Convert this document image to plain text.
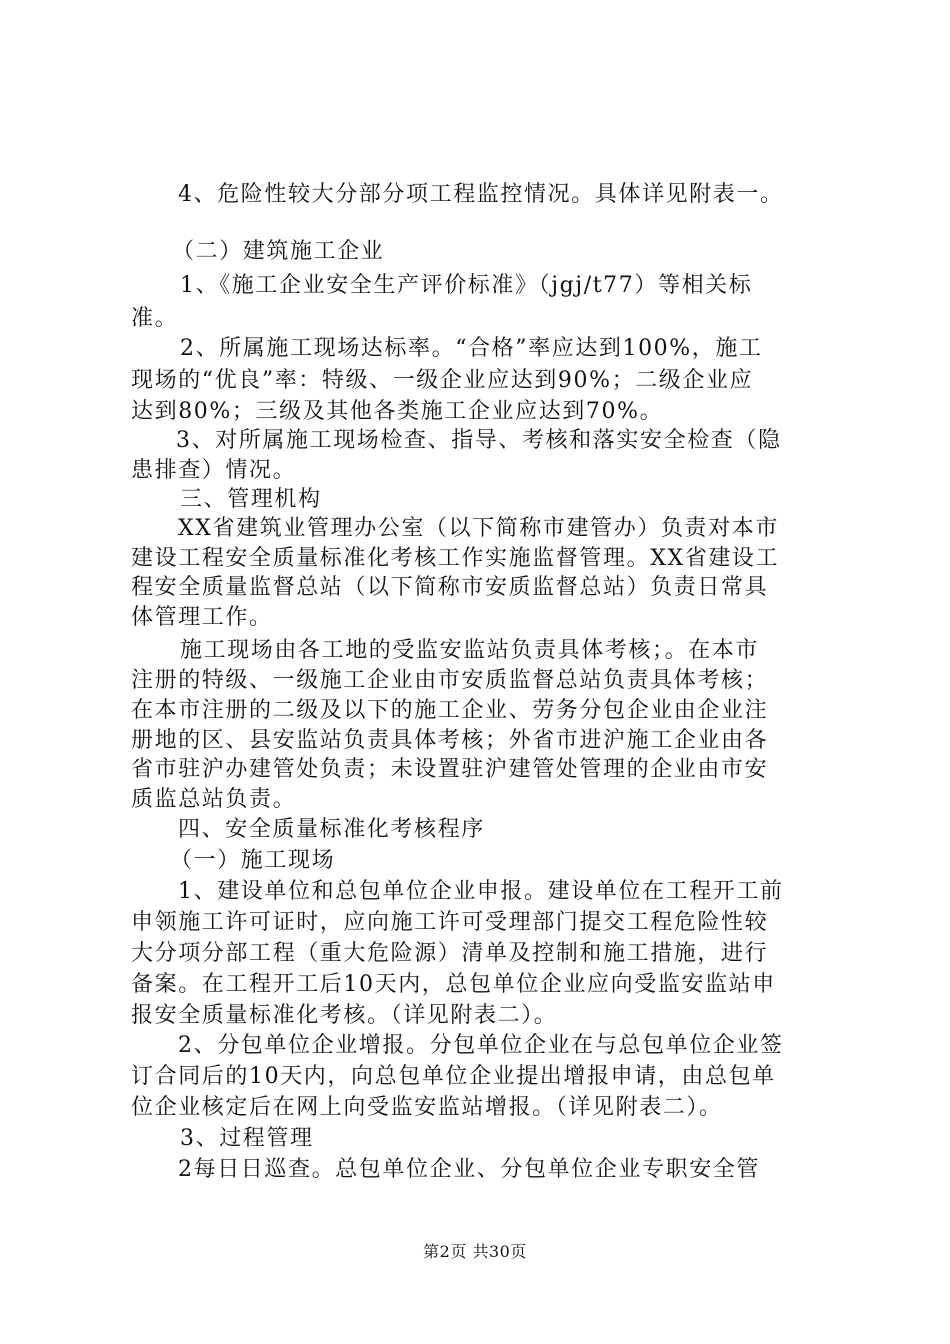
4、危险性较大分部分项工程监控情况。具体详见附表一。
（二）建筑施工企业
1、《施工企业安全生产评价标准》（jgj/t77）等相关标
准。
2、所属施工现场达标率。“合格”率应达到100%，施工
现场的“优良”率：特级、一级企业应达到90%；二级企业应
达到80%；三级及其他各类施工企业应达到70%。
3、对所属施工现场检查、指导、考核和落实安全检查（隐
患排查）情况。
三、管理机构
XX省建筑业管理办公室（以下简称市建管办）负责对本市
建设工程安全质量标准化考核工作实施监督管理。XX省建设工
程安全质量监督总站（以下简称市安质监督总站）负责日常具
体管理工作。
施工现场由各工地的受监安监站负责具体考核；。在本市
注册的特级、一级施工企业由市安质监督总站负责具体考核；
在本市注册的二级及以下的施工企业、劳务分包企业由企业注
册地的区、县安监站负责具体考核；外省市进沪施工企业由各
省市驻沪办建管处负责；未设置驻沪建管处管理的企业由市安
质监总站负责。
四、安全质量标准化考核程序
（一）施工现场
1、建设单位和总包单位企业申报。建设单位在工程开工前
申领施工许可证时，应向施工许可受理部门提交工程危险性较
大分项分部工程（重大危险源）清单及控制和施工措施，进行
备案。在工程开工后10天内，总包单位企业应向受监安监站申
报安全质量标准化考核。（详见附表二）。
2、分包单位企业增报。分包单位企业在与总包单位企业签
订合同后的10天内，向总包单位企业提出增报申请，由总包单
位企业核定后在网上向受监安监站增报。（详见附表二）。
3、过程管理
2每日日巡查。总包单位企业、分包单位企业专职安全管
第2页 共30页
